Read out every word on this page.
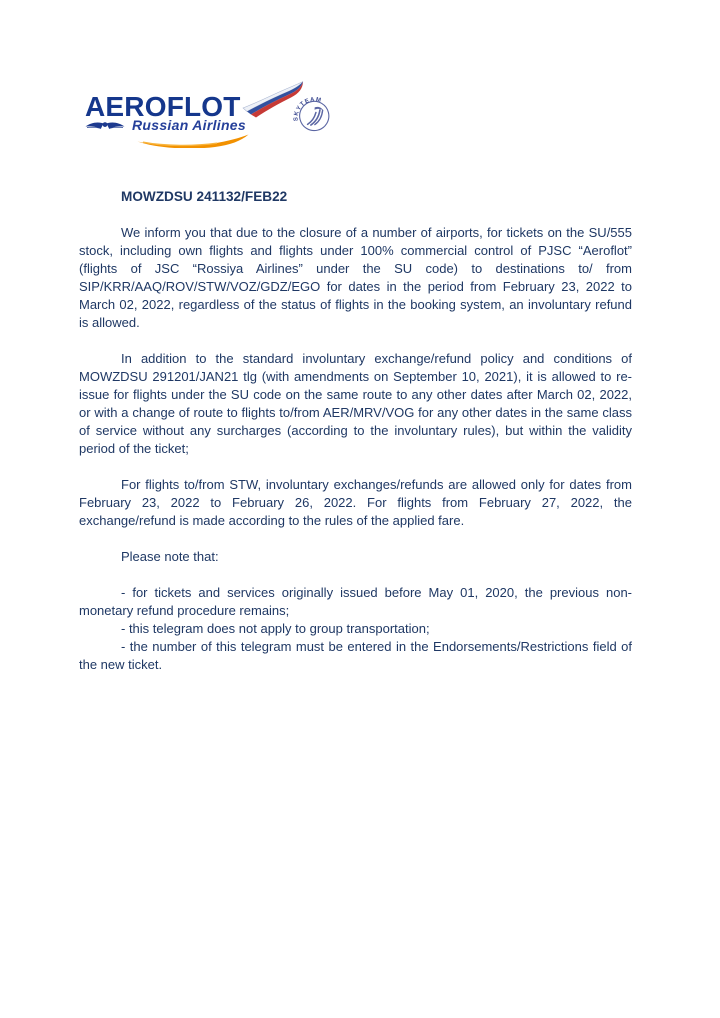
AEROFLOT
Russian Airlines	SKYTEAM
MOWZDSU 241132/FEB22

We inform you that due to the closure of a number of airports, for tickets on the SU/555 stock, including own flights and flights under 100% commercial control of PJSC “Aeroflot” (flights of JSC “Rossiya Airlines” under the SU code) to destinations to/ from SIP/KRR/AAQ/ROV/STW/VOZ/GDZ/EGO for dates in the period from February 23, 2022 to March 02, 2022, regardless of the status of flights in the booking system, an involuntary refund is allowed.

In addition to the standard involuntary exchange/refund policy and conditions of MOWZDSU 291201/JAN21 tlg (with amendments on September 10, 2021), it is allowed to re-issue for flights under the SU code on the same route to any other dates after March 02, 2022, or with a change of route to flights to/from AER/MRV/VOG for any other dates in the same class of service without any surcharges (according to the involuntary rules), but within the validity period of the ticket;

For flights to/from STW, involuntary exchanges/refunds are allowed only for dates from February 23, 2022 to February 26, 2022. For flights from February 27, 2022, the exchange/refund is made according to the rules of the applied fare.

Please note that:

- for tickets and services originally issued before May 01, 2020, the previous non-monetary refund procedure remains;

- this telegram does not apply to group transportation;

- the number of this telegram must be entered in the Endorsements/Restrictions field of the new ticket.
